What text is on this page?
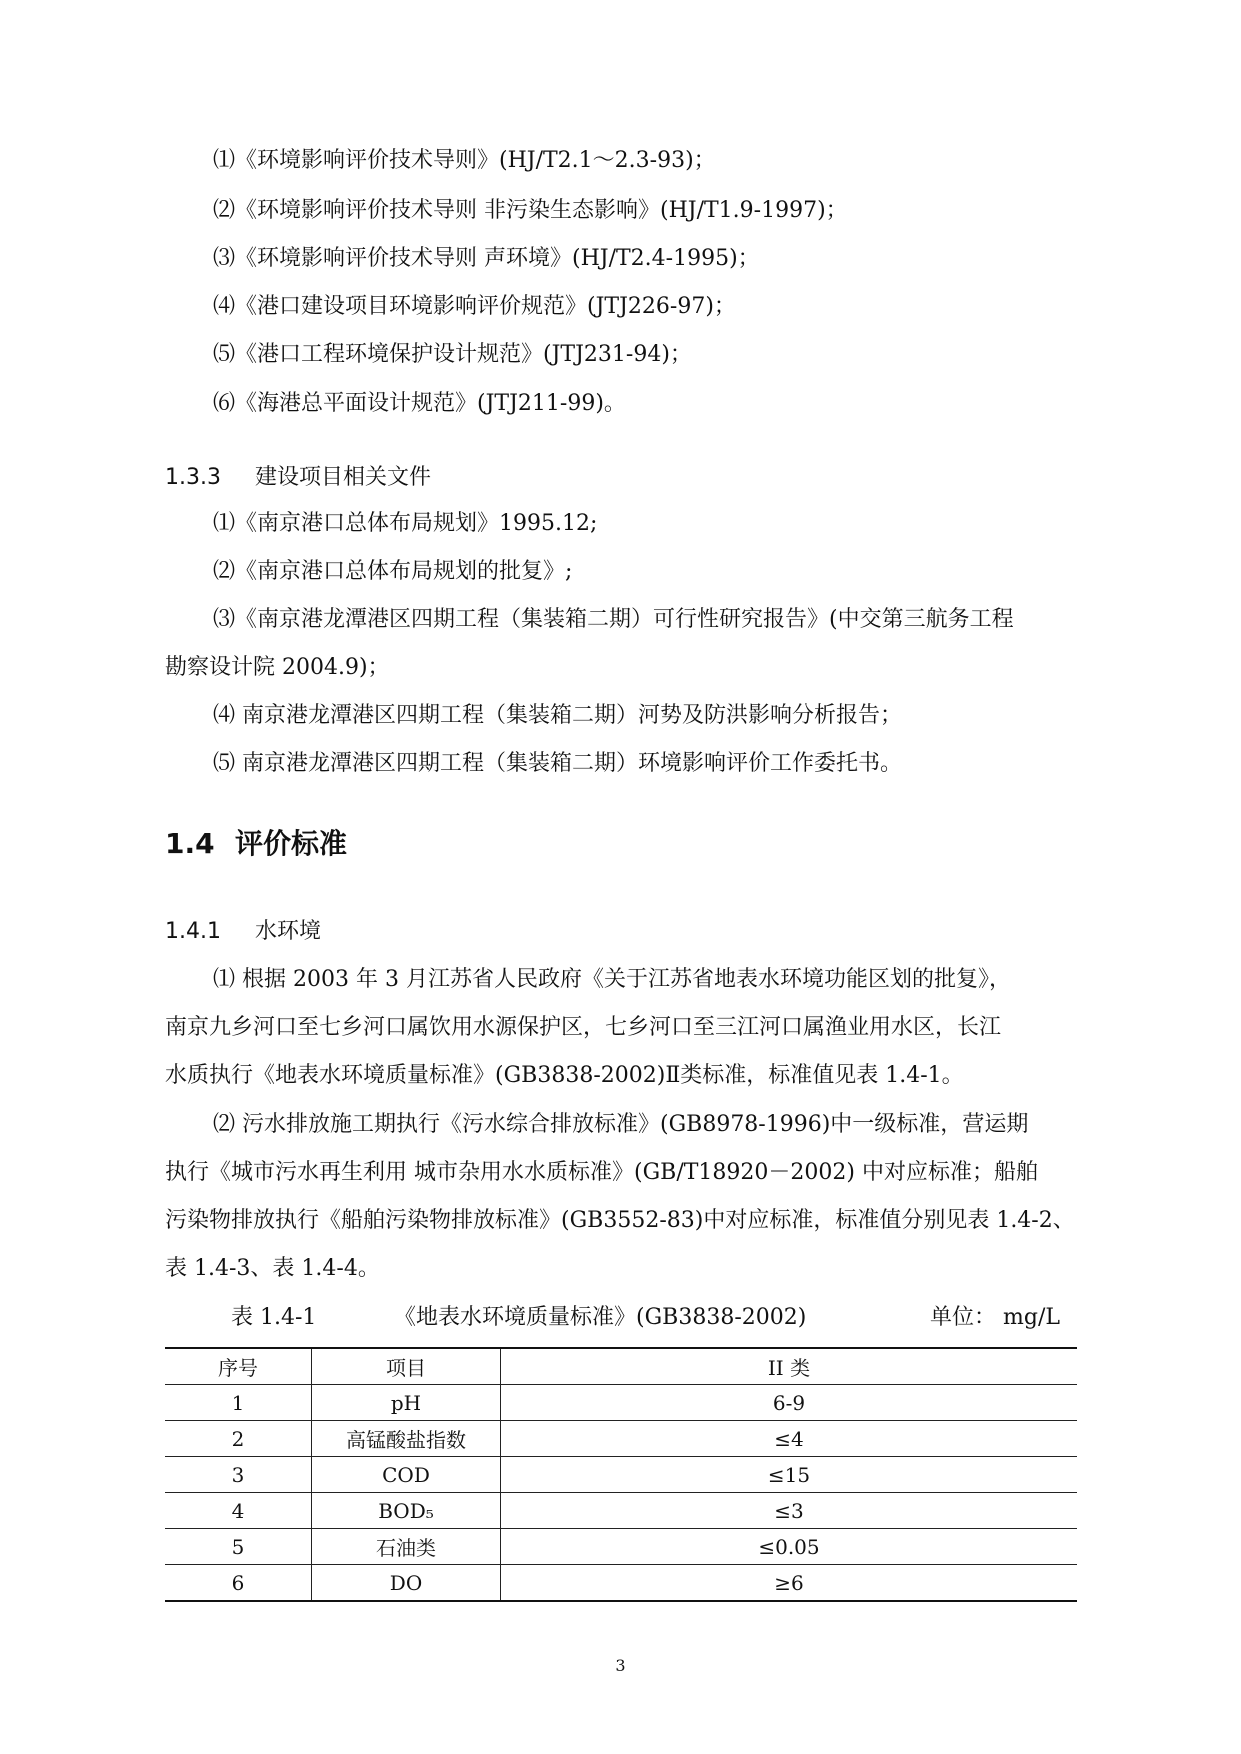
⑴《环境影响评价技术导则》(HJ/T2.1～2.3-93)；
⑵《环境影响评价技术导则 非污染生态影响》(HJ/T1.9-1997)；
⑶《环境影响评价技术导则 声环境》(HJ/T2.4-1995)；
⑷《港口建设项目环境影响评价规范》(JTJ226-97)；
⑸《港口工程环境保护设计规范》(JTJ231-94)；
⑹《海港总平面设计规范》(JTJ211-99)。
1.3.3 建设项目相关文件
⑴《南京港口总体布局规划》1995.12;
⑵《南京港口总体布局规划的批复》;
⑶《南京港龙潭港区四期工程（集装箱二期）可行性研究报告》(中交第三航务工程
勘察设计院 2004.9)；
⑷ 南京港龙潭港区四期工程（集装箱二期）河势及防洪影响分析报告；
⑸ 南京港龙潭港区四期工程（集装箱二期）环境影响评价工作委托书。
1.4 评价标准
1.4.1 水环境
⑴ 根据 2003 年 3 月江苏省人民政府《关于江苏省地表水环境功能区划的批复》，
南京九乡河口至七乡河口属饮用水源保护区，七乡河口至三江河口属渔业用水区，长江
水质执行《地表水环境质量标准》(GB3838-2002)Ⅱ类标准，标准值见表 1.4-1。
⑵ 污水排放施工期执行《污水综合排放标准》(GB8978-1996)中一级标准，营运期
执行《城市污水再生利用 城市杂用水水质标准》(GB/T18920－2002) 中对应标准；船舶
污染物排放执行《船舶污染物排放标准》(GB3552-83)中对应标准，标准值分别见表 1.4-2、
表 1.4-3、表 1.4-4。
表 1.4-1	《地表水环境质量标准》(GB3838-2002)	单位： mg/L
序号	项目	II 类
1	pH	6-9
2	高锰酸盐指数	≤4
3	COD	≤15
4	BOD₅	≤3
5	石油类	≤0.05
6	DO	≥6
3
